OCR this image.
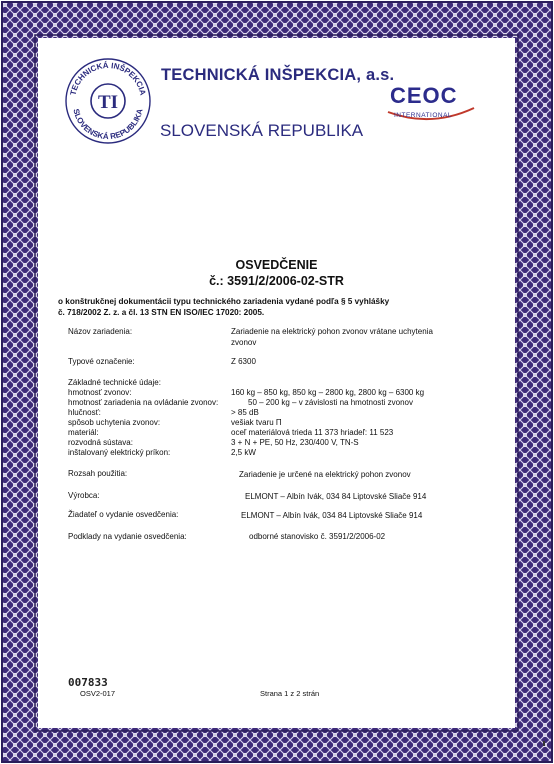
TECHNICKÁ INŠPEKCIA
SLOVENSKÁ REPUBLIKA
TI
TECHNICKÁ INŠPEKCIA, a.s.
SLOVENSKÁ REPUBLIKA
CEOC
INTERNATIONAL
OSVEDČENIE
č.: 3591/2/2006-02-STR
o konštrukčnej dokumentácii typu technického zariadenia vydané podľa § 5 vyhlášky
č. 718/2002 Z. z. a čl. 13 STN EN ISO/IEC 17020: 2005.
Názov zariadenia:	Zariadenie na elektrický pohon zvonov vrátane uchytenia
zvonov
Typové označenie:	Z 6300
Základné technické údaje:
hmotnosť zvonov:	160 kg – 850 kg, 850 kg – 2800 kg, 2800 kg – 6300 kg
hmotnosť zariadenia na ovládanie zvonov:	50 – 200 kg – v závislosti na hmotnosti zvonov
hlučnosť:	> 85 dB
spôsob uchytenia zvonov:	vešiak tvaru Π
materiál:	oceľ materiálová trieda 11 373 hriadeľ: 11 523
rozvodná sústava:	3 + N + PE, 50 Hz, 230/400 V, TN-S
inštalovaný elektrický príkon:	2,5 kW
Rozsah použitia:	Zariadenie je určené na elektrický pohon zvonov
Výrobca:	ELMONT – Albín Ivák, 034 84 Liptovské Sliače 914
Žiadateľ o vydanie osvedčenia:	ELMONT – Albín Ivák, 034 84 Liptovské Sliače 914
Podklady na vydanie osvedčenia:	odborné stanovisko č. 3591/2/2006-02
007833
OSV2-017	Strana 1 z 2 strán
